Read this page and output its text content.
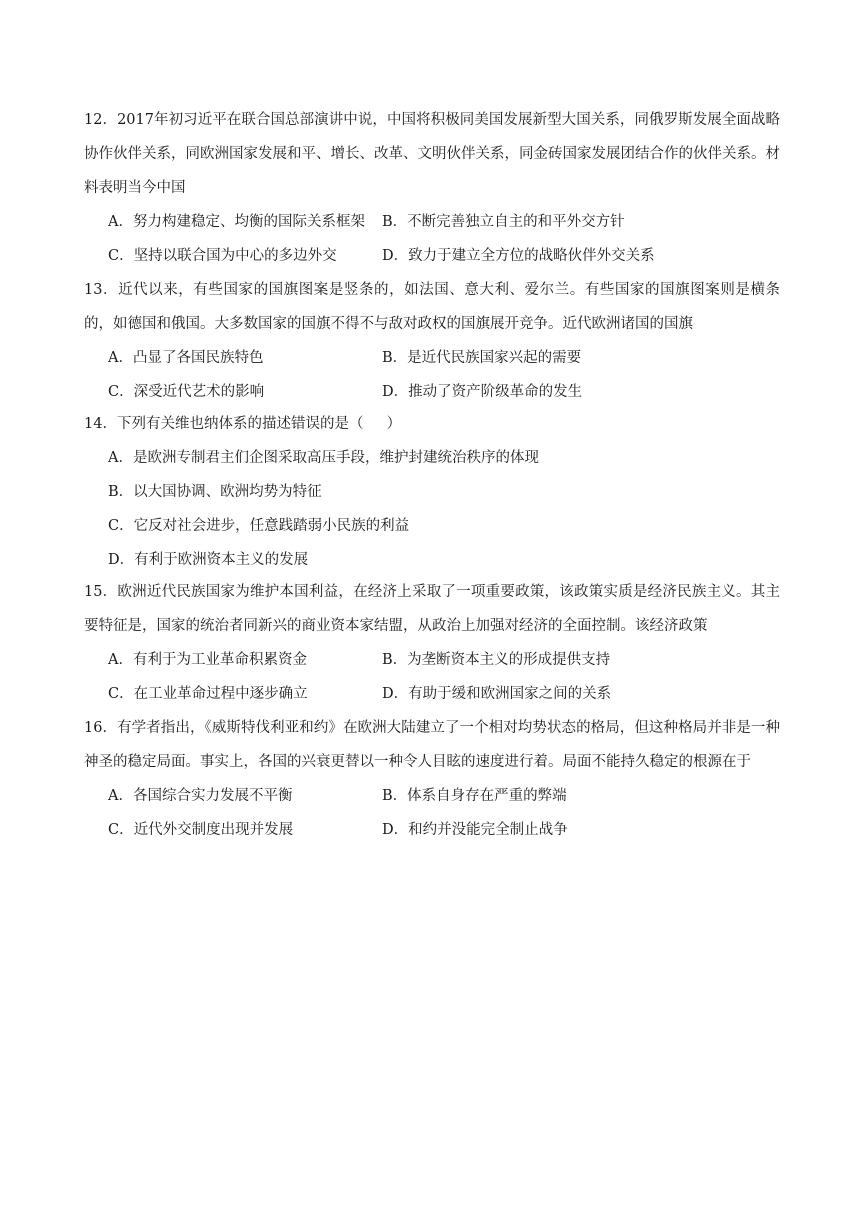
12．2017年初习近平在联合国总部演讲中说，中国将积极同美国发展新型大国关系，同俄罗斯发展全面战略协作伙伴关系，同欧洲国家发展和平、增长、改革、文明伙伴关系，同金砖国家发展团结合作的伙伴关系。材料表明当今中国

A．努力构建稳定、均衡的国际关系框架 B．不断完善独立自主的和平外交方针
C．坚持以联合国为中心的多边外交	D．致力于建立全方位的战略伙伴外交关系

13．近代以来，有些国家的国旗图案是竖条的，如法国、意大利、爱尔兰。有些国家的国旗图案则是横条的，如德国和俄国。大多数国家的国旗不得不与敌对政权的国旗展开竞争。近代欧洲诸国的国旗

A．凸显了各国民族特色	B．是近代民族国家兴起的需要
C．深受近代艺术的影响	D．推动了资产阶级革命的发生

14．下列有关维也纳体系的描述错误的是（ ）

A．是欧洲专制君主们企图采取高压手段，维护封建统治秩序的体现
B．以大国协调、欧洲均势为特征
C．它反对社会进步，任意践踏弱小民族的利益
D．有利于欧洲资本主义的发展

15．欧洲近代民族国家为维护本国利益，在经济上采取了一项重要政策，该政策实质是经济民族主义。其主要特征是，国家的统治者同新兴的商业资本家结盟，从政治上加强对经济的全面控制。该经济政策

A．有利于为工业革命积累资金	B．为垄断资本主义的形成提供支持
C．在工业革命过程中逐步确立	D．有助于缓和欧洲国家之间的关系

16．有学者指出，《威斯特伐利亚和约》在欧洲大陆建立了一个相对均势状态的格局，但这种格局并非是一种神圣的稳定局面。事实上，各国的兴衰更替以一种令人目眩的速度进行着。局面不能持久稳定的根源在于

A．各国综合实力发展不平衡	B．体系自身存在严重的弊端
C．近代外交制度出现并发展	D．和约并没能完全制止战争
